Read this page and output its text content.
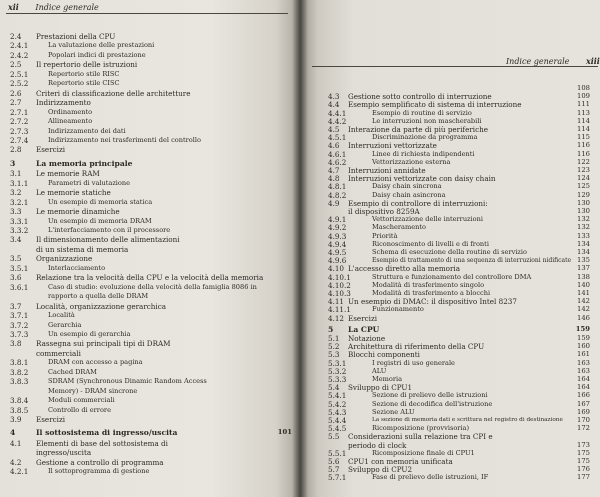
xii Indice generale
2.4 Prestazioni della CPU
2.4.1	La valutazione delle prestazioni
2.4.2	Popolari indici di prestazione
2.5 Il repertorio delle istruzioni
2.5.1	Repertorio stile RISC
2.5.2	Repertorio stile CISC
2.6 Criteri di classificazione delle architetture
2.7 Indirizzamento
2.7.1	Ordinamento
2.7.2	Allineamento
2.7.3	Indirizzamento dei dati
2.7.4	Indirizzamento nei trasferimenti del controllo
2.8 Esercizi
3	La memoria principale
3.1 Le memorie RAM
3.1.1	Parametri di valutazione
3.2 Le memorie statiche
3.2.1	Un esempio di memoria statica
3.3 Le memorie dinamiche
3.3.1	Un esempio di memoria DRAM
3.3.2	L'interfacciamento con il processore
3.4 Il dimensionamento delle alimentazioni
di un sistema di memoria
3.5 Organizzazione
3.5.1	Interlacciamento
3.6 Relazione tra la velocità della CPU e la velocità della memoria
3.6.1	Caso di studio: evoluzione della velocità della famiglia 8086 in
rapporto a quella delle DRAM
3.7 Località, organizzazione gerarchica
3.7.1	Località
3.7.2	Gerarchia
3.7.3	Un esempio di gerarchia
3.8 Rassegna sui principali tipi di DRAM
commerciali
3.8.1	DRAM con accesso a pagina
3.8.2	Cached DRAM
3.8.3	SDRAM (Synchronous Dinamic Random Access
Memory) - DRAM sincrone
3.8.4	Moduli commerciali
3.8.5	Controllo di errore
3.9 Esercizi
4	Il sottosistema di ingresso/uscita	101
4.1 Elementi di base del sottosistema di
ingresso/uscita
4.2 Gestione a controllo di programma
4.2.1	Il sottoprogramma di gestione
Indice generale xiii
108
4.3 Gestione sotto controllo di interruzione	109
4.4 Esempio semplificato di sistema di interruzione	111
4.4.1	Esempio di routine di servizio	113
4.4.2	Le interruzioni non mascherabili	114
4.5 Interazione da parte di più periferiche	114
4.5.1	Discriminazione da programma	115
4.6 Interruzioni vettorizzate	116
4.6.1	Linee di richiesta indipendenti	116
4.6.2	Vettorizzazione esterna	122
4.7 Interruzioni annidate	123
4.8 Interruzioni vettorizzate con daisy chain	124
4.8.1	Daisy chain sincrona	125
4.8.2	Daisy chain asincrona	129
4.9 Esempio di controllore di interruzioni:	130
il dispositivo 8259A	130
4.9.1	Vettorizzazione delle interruzioni	132
4.9.2	Mascheramento	132
4.9.3	Priorità	133
4.9.4	Riconoscimento di livelli e di fronti	134
4.9.5	Schema di esecuzione della routine di servizio	134
4.9.6	Esempio di trattamento di una sequenza di interruzioni nidificate 135
4.10 L'accesso diretto alla memoria	137
4.10.1	Struttura e funzionamento del controllore DMA	138
4.10.2	Modalità di trasferimento singolo	140
4.10.3	Modalità di trasferimento a blocchi	141
4.11 Un esempio di DMAC: il dispositivo Intel 8237	142
4.11.1	Funzionamento	142
4.12 Esercizi	146
5 La CPU	159
5.1 Notazione	159
5.2 Architettura di riferimento della CPU	160
5.3 Blocchi componenti	161
5.3.1	I registri di uso generale	163
5.3.2	ALU	163
5.3.3	Memoria	164
5.4 Sviluppo di CPU1	164
5.4.1	Sezione di prelievo delle istruzioni	166
5.4.2	Sezione di decodifica dell'istruzione	167
5.4.3	Sezione ALU	169
5.4.4	La sezione di memoria dati e scrittura nel registro di destinazione 170
5.4.5	Ricomposizione (provvisoria)	172
5.5 Considerazioni sulla relazione tra CPI e
periodo di clock	173
5.5.1	Ricomposizione finale di CPU1	175
5.6 CPU1 con memoria unificata	175
5.7 Sviluppo di CPU2	176
5.7.1	Fase di prelievo delle istruzioni, IF	177
